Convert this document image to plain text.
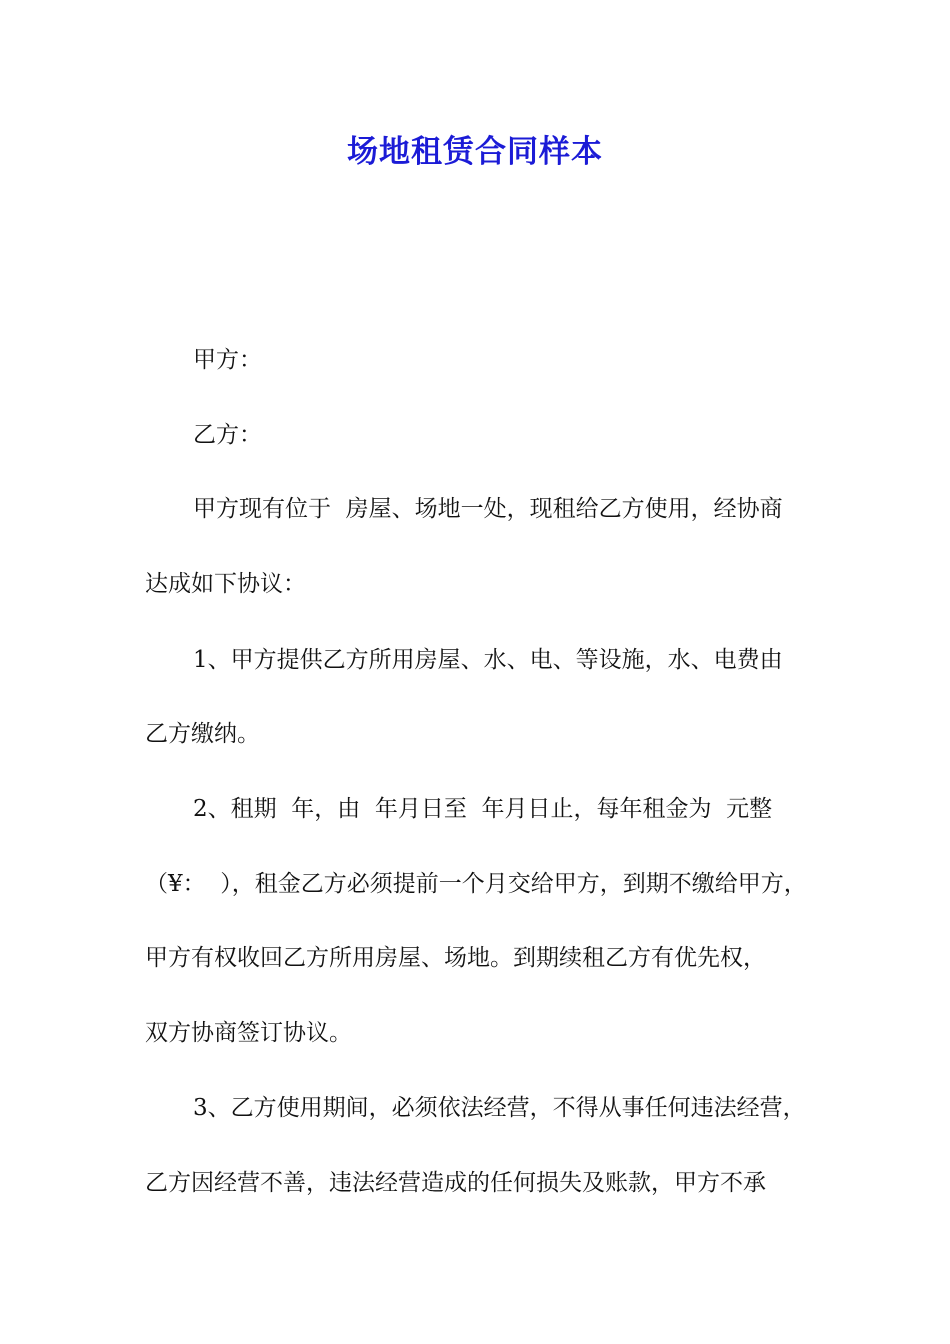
场地租赁合同样本
甲方：
乙方：
甲方现有位于  房屋、场地一处，现租给乙方使用，经协商
达成如下协议：
1、甲方提供乙方所用房屋、水、电、等设施，水、电费由
乙方缴纳。
2、租期  年，由  年月日至  年月日止，每年租金为  元整
（¥：  ），租金乙方必须提前一个月交给甲方，到期不缴给甲方，
甲方有权收回乙方所用房屋、场地。到期续租乙方有优先权，
双方协商签订协议。
3、乙方使用期间，必须依法经营，不得从事任何违法经营，
乙方因经营不善，违法经营造成的任何损失及账款，甲方不承
